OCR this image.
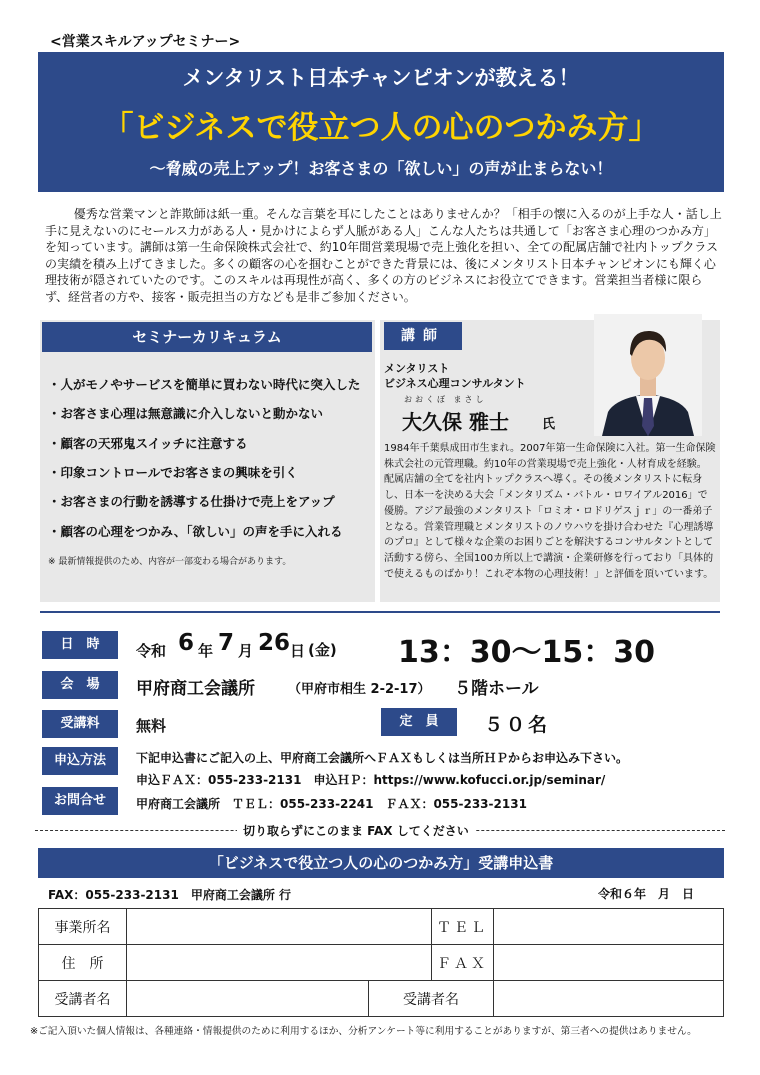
<営業スキルアップセミナー>
メンタリスト日本チャンピオンが教える！
「ビジネスで役立つ人の心のつかみ方」
～脅威の売上アップ！お客さまの「欲しい」の声が止まらない！

優秀な営業マンと詐欺師は紙一重。そんな言葉を耳にしたことはありませんか？「相手の懐に入るのが上手な人・話し上手に見えないのにセールス力がある人・見かけによらず人脈がある人」こんな人たちは共通して「お客さま心理のつかみ方」を知っています。講師は第一生命保険株式会社で、約10年間営業現場で売上強化を担い、全ての配属店舗で社内トップクラスの実績を積み上げてきました。多くの顧客の心を掴むことができた背景には、後にメンタリスト日本チャンピオンにも輝く心理技術が隠されていたのです。このスキルは再現性が高く、多くの方のビジネスにお役立てできます。営業担当者様に限らず、経営者の方や、接客・販売担当の方なども是非ご参加ください。

セミナーカリキュラム
・人がモノやサービスを簡単に買わない時代に突入した
・お客さま心理は無意識に介入しないと動かない
・顧客の天邪鬼スイッチに注意する
・印象コントロールでお客さまの興味を引く
・お客さまの行動を誘導する仕掛けで売上をアップ
・顧客の心理をつかみ、「欲しい」の声を手に入れる
※ 最新情報提供のため、内容が一部変わる場合があります。
講師
メンタリスト
ビジネス心理コンサルタント
おおくぼ まさし
大久保 雅士	氏

1984年千葉県成田市生まれ。2007年第一生命保険に入社。第一生命保険株式会社の元管理職。約10年の営業現場で売上強化・人材育成を経験。配属店舗の全てを社内トップクラスへ導く。その後メンタリストに転身し、日本一を決める大会「メンタリズム・バトル・ロワイアル2016」で優勝。アジア最強のメンタリスト「ロミオ・ロドリゲスｊｒ」の一番弟子となる。営業管理職とメンタリストのノウハウを掛け合わせた『心理誘導のプロ』として様々な企業のお困りごとを解決するコンサルタントとして活動する傍ら、全国100カ所以上で講演・企業研修を行っており「具体的で使えるものばかり！これぞ本物の心理技術！」と評価を頂いています。

日　時	令和 6 年 7 月 26 日 (金) 13：30～15：30
会　場	甲府商工会議所	（甲府市相生 2-2-17） ５階ホール
受講料	無料	定　員	５０名
申込方法	下記申込書にご記入の上、甲府商工会議所へＦＡＸもしくは当所ＨＰからお申込み下さい。
申込ＦＡＸ：055-233-2131　申込ＨＰ：https://www.kofucci.or.jp/seminar/
お問合せ	甲府商工会議所　ＴＥＬ：055-233-2241　ＦＡＸ：055-233-2131
切り取らずにこのまま FAX してください
「ビジネスで役立つ人の心のつかみ方」受講申込書
FAX：055-233-2131　甲府商工会議所 行	令和６年　月　日
事業所名			ＴＥＬ	
住　所			ＦＡＸ	
受講者名		受講者名		
※ご記入頂いた個人情報は、各種連絡・情報提供のために利用するほか、分析アンケート等に利用することがありますが、第三者への提供はありません。
